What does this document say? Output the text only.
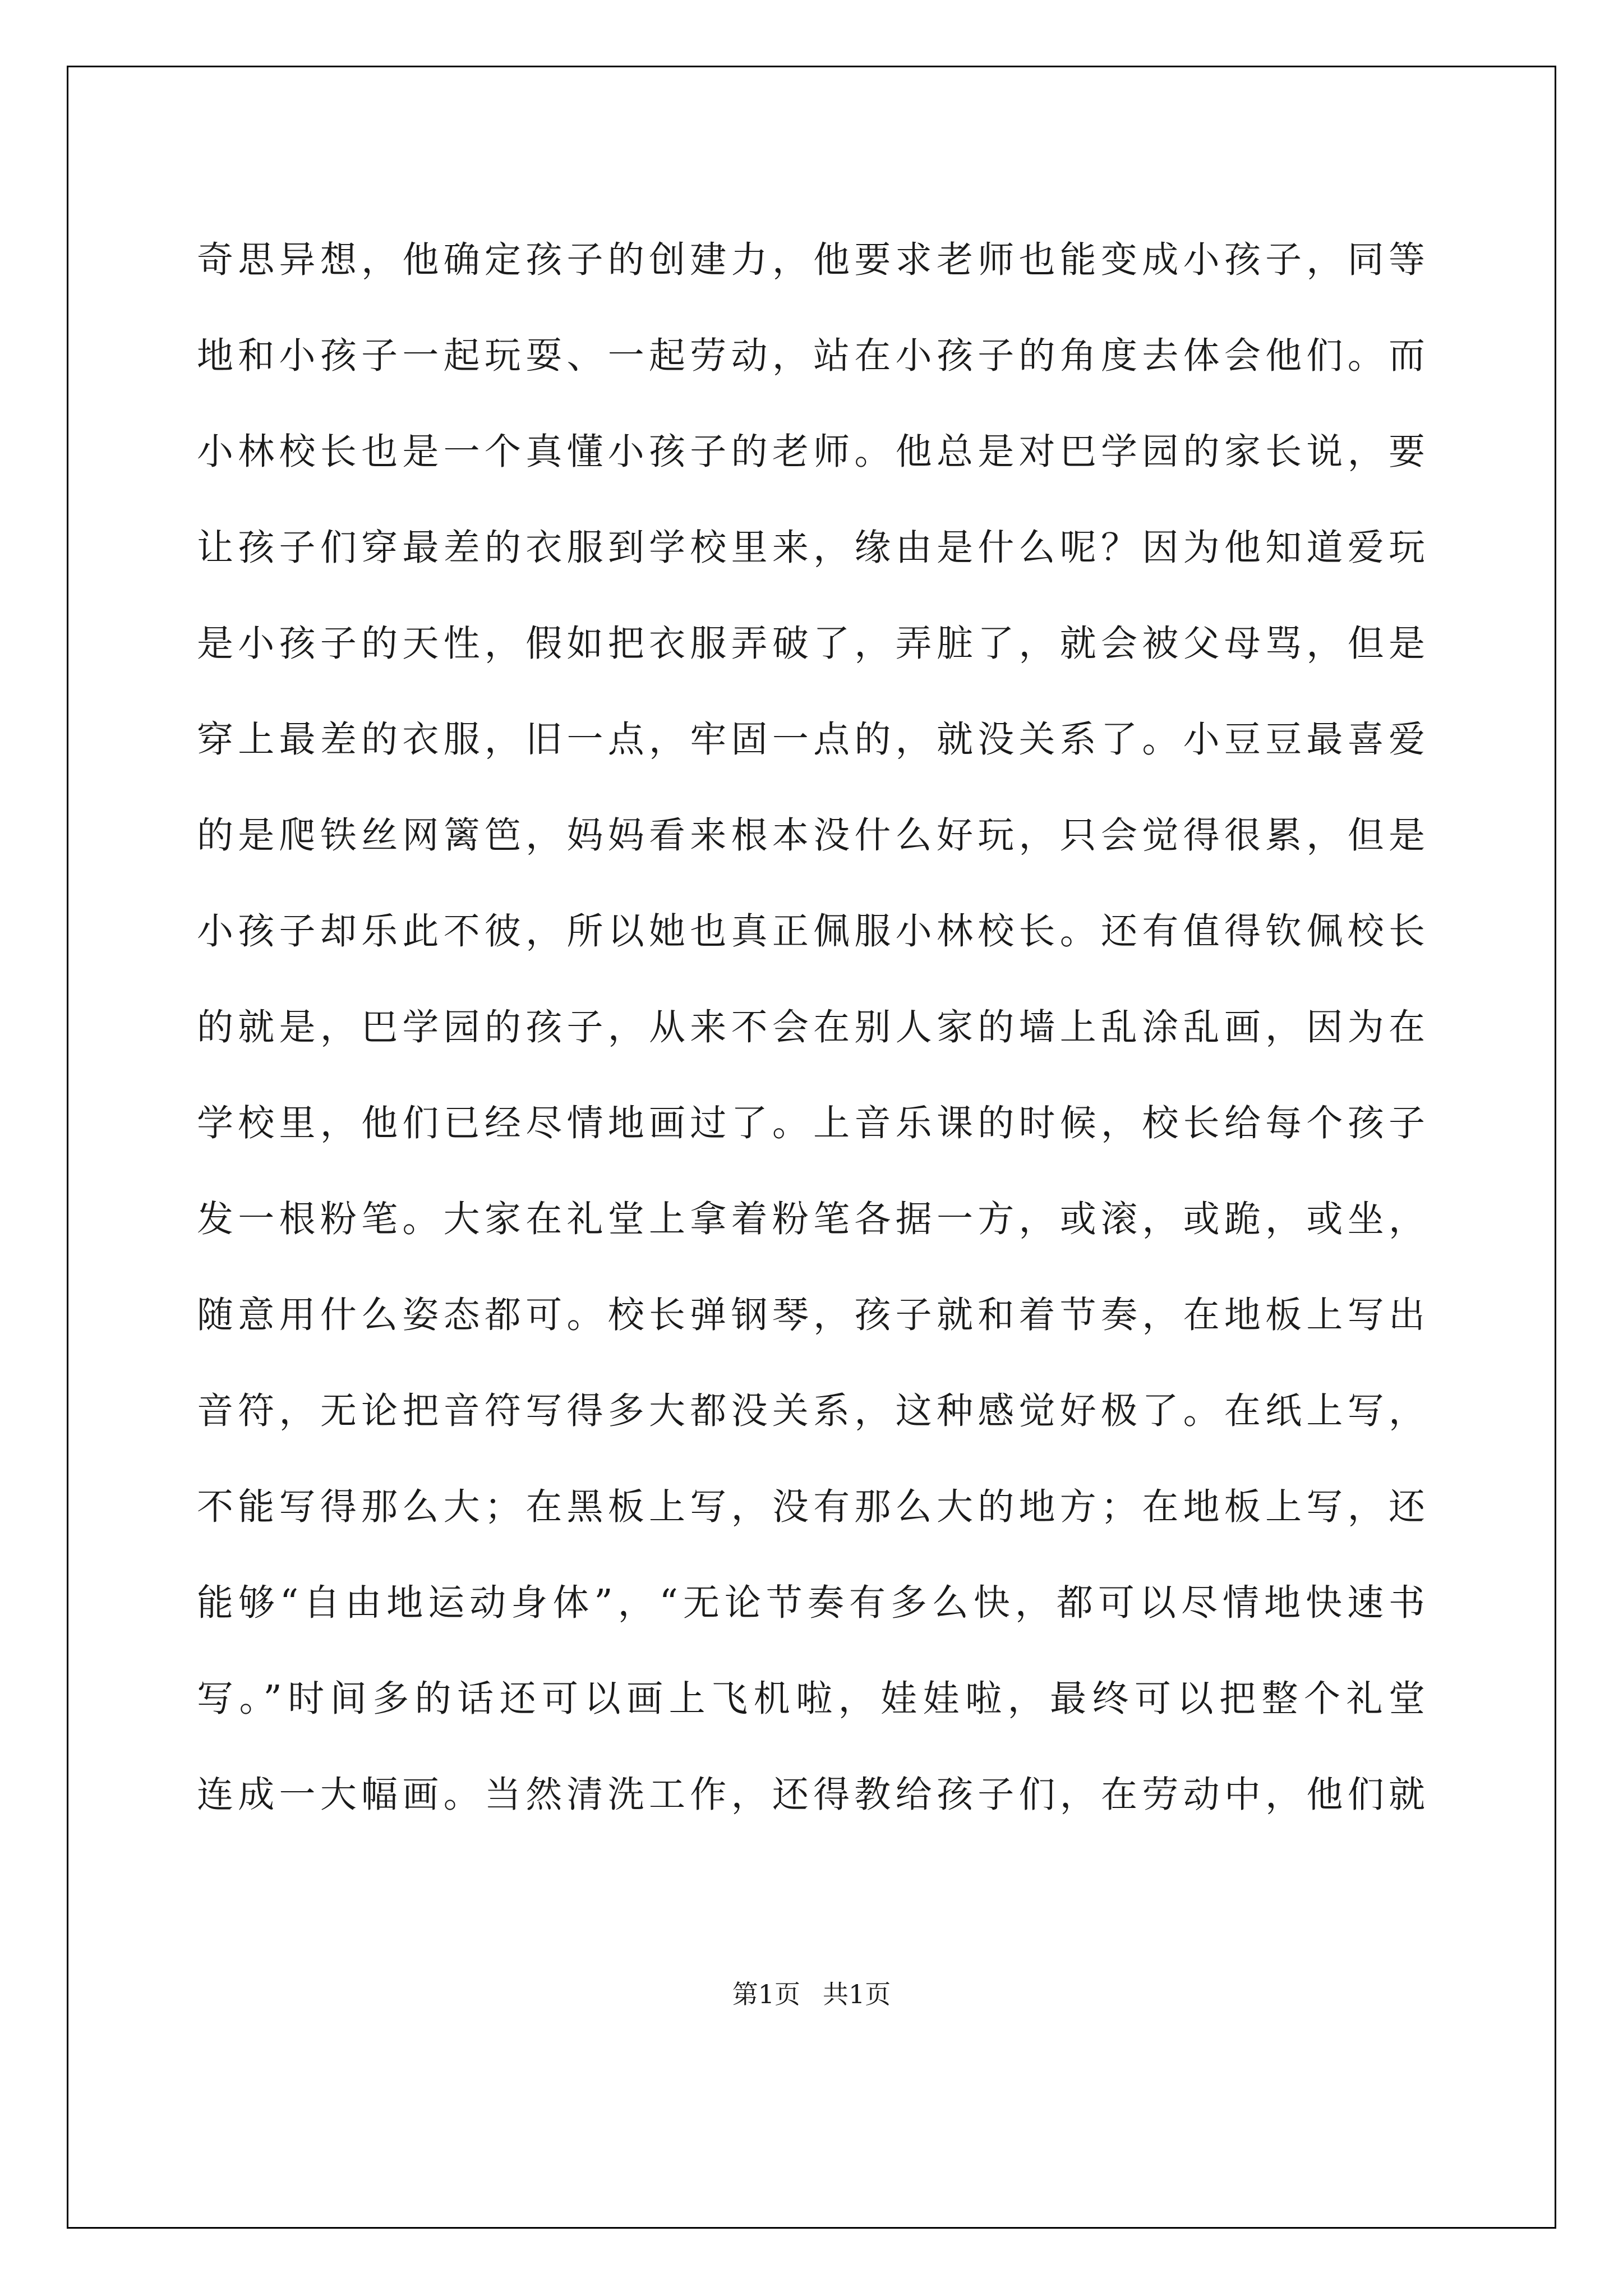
奇思异想，他确定孩子的创建力，他要求老师也能变成小孩子，同等
地和小孩子一起玩耍、一起劳动，站在小孩子的角度去体会他们。而
小林校长也是一个真懂小孩子的老师。他总是对巴学园的家长说，要
让孩子们穿最差的衣服到学校里来，缘由是什么呢？因为他知道爱玩
是小孩子的天性，假如把衣服弄破了，弄脏了，就会被父母骂，但是
穿上最差的衣服，旧一点，牢固一点的，就没关系了。小豆豆最喜爱
的是爬铁丝网篱笆，妈妈看来根本没什么好玩，只会觉得很累，但是
小孩子却乐此不彼，所以她也真正佩服小林校长。还有值得钦佩校长
的就是，巴学园的孩子，从来不会在别人家的墙上乱涂乱画，因为在
学校里，他们已经尽情地画过了。上音乐课的时候，校长给每个孩子
发一根粉笔。大家在礼堂上拿着粉笔各据一方，或滚，或跪，或坐，
随意用什么姿态都可。校长弹钢琴，孩子就和着节奏，在地板上写出
音符，无论把音符写得多大都没关系，这种感觉好极了。在纸上写，
不能写得那么大；在黑板上写，没有那么大的地方；在地板上写，还
能够“自由地运动身体”，“无论节奏有多么快，都可以尽情地快速书
写。”时间多的话还可以画上飞机啦，娃娃啦，最终可以把整个礼堂
连成一大幅画。当然清洗工作，还得教给孩子们，在劳动中，他们就
第1页 共1页
